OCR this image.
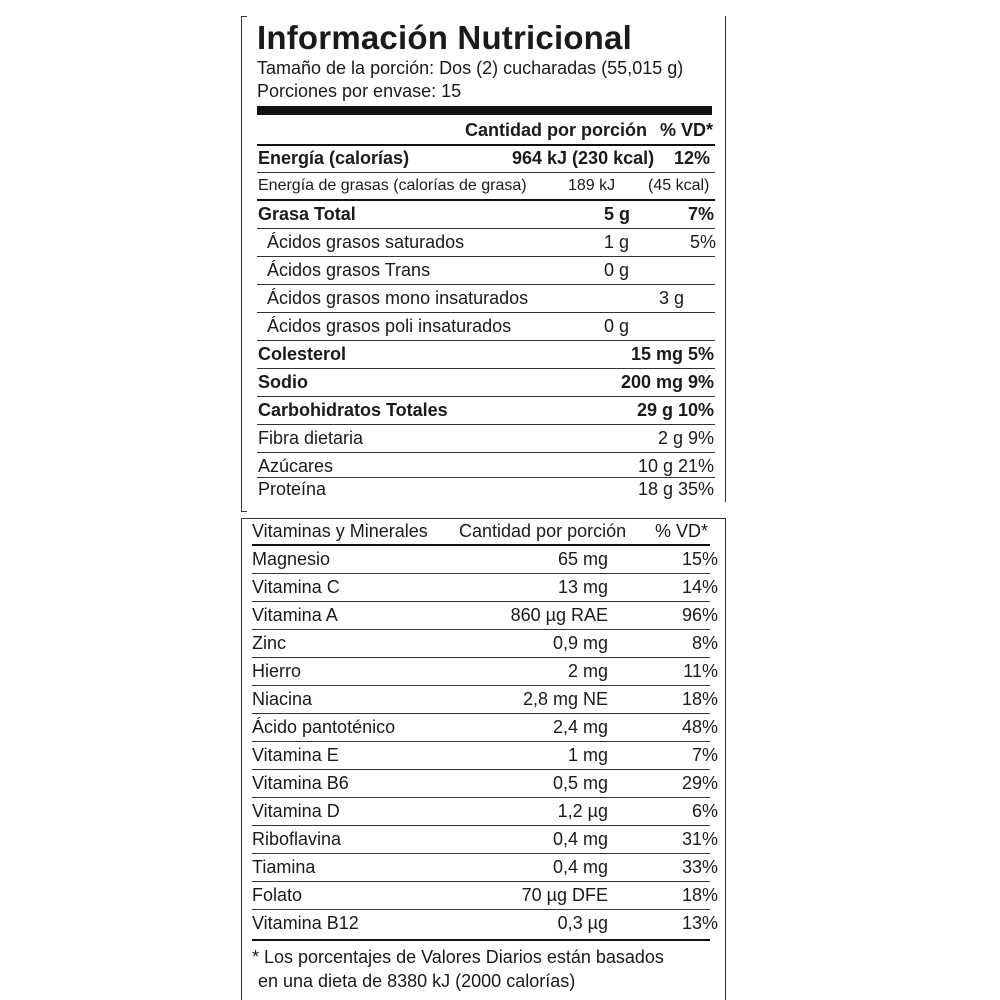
Información Nutricional
Tamaño de la porción: Dos (2) cucharadas (55,015 g)
Porciones por envase: 15
Cantidad por porción % VD*
Energía (calorías)	964 kJ (230 kcal) 12%
Energía de grasas (calorías de grasa)	189 kJ (45 kcal)
Grasa Total	5 g	7%
Ácidos grasos saturados	1 g	5%
Ácidos grasos Trans	0 g
Ácidos grasos mono insaturados	3 g
Ácidos grasos poli insaturados	0 g
Colesterol	15 mg 5%
Sodio	200 mg 9%
Carbohidratos Totales	29 g 10%
Fibra dietaria	2 g 9%
Azúcares	10 g 21%
Proteína	18 g 35%
Vitaminas y Minerales Cantidad por porción % VD*
Magnesio	65 mg	15%
Vitamina C	13 mg	14%
Vitamina A	860 µg RAE	96%
Zinc	0,9 mg	8%
Hierro	2 mg	11%
Niacina	2,8 mg NE	18%
Ácido pantoténico	2,4 mg	48%
Vitamina E	1 mg	7%
Vitamina B6	0,5 mg	29%
Vitamina D	1,2 µg	6%
Riboflavina	0,4 mg	31%
Tiamina	0,4 mg	33%
Folato	70 µg DFE	18%
Vitamina B12	0,3 µg	13%
* Los porcentajes de Valores Diarios están basados
en una dieta de 8380 kJ (2000 calorías)
